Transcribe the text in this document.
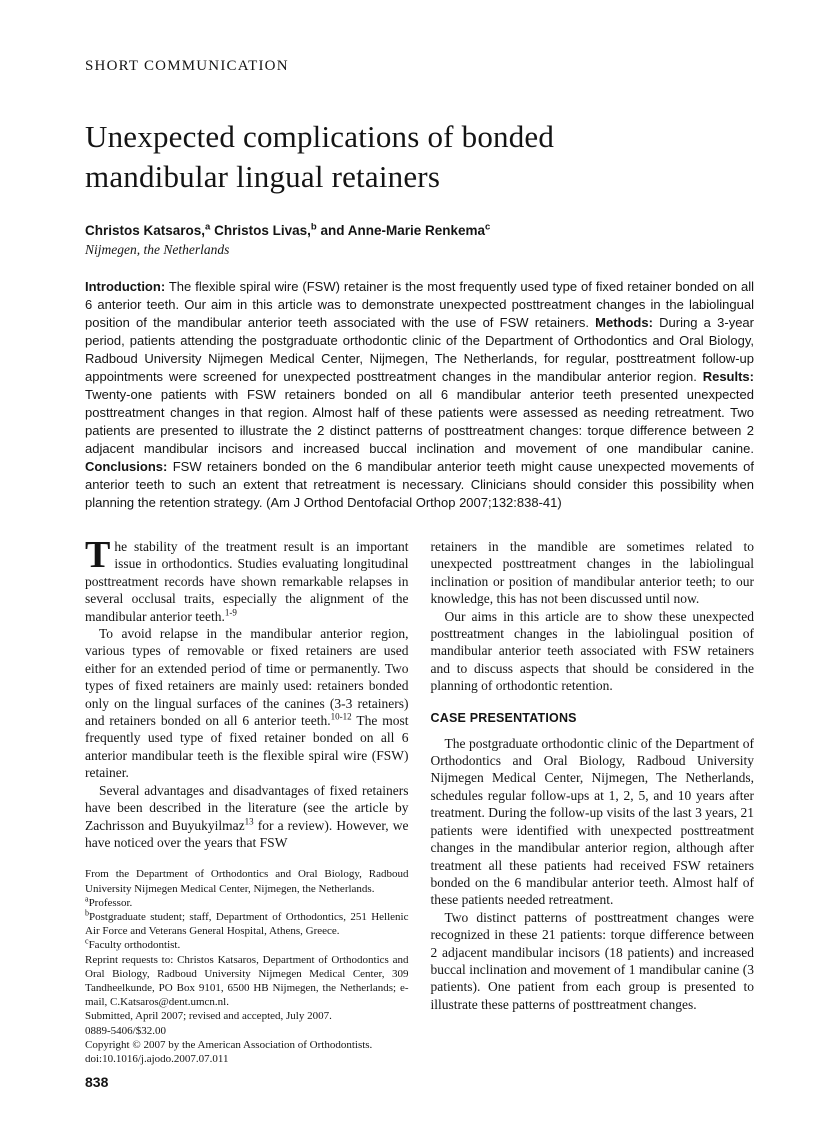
SHORT COMMUNICATION
Unexpected complications of bonded
mandibular lingual retainers
Christos Katsaros,$^a$ Christos Livas,$^b$ and Anne-Marie Renkema$^c$
Nijmegen, the Netherlands

Introduction: The flexible spiral wire (FSW) retainer is the most frequently used type of fixed retainer bonded on all 6 anterior teeth. Our aim in this article was to demonstrate unexpected posttreatment changes in the labiolingual position of the mandibular anterior teeth associated with the use of FSW retainers. Methods: During a 3-year period, patients attending the postgraduate orthodontic clinic of the Department of Orthodontics and Oral Biology, Radboud University Nijmegen Medical Center, Nijmegen, The Netherlands, for regular, posttreatment follow-up appointments were screened for unexpected posttreatment changes in the mandibular anterior region. Results: Twenty-one patients with FSW retainers bonded on all 6 mandibular anterior teeth presented unexpected posttreatment changes in that region. Almost half of these patients were assessed as needing retreatment. Two patients are presented to illustrate the 2 distinct patterns of posttreatment changes: torque difference between 2 adjacent mandibular incisors and increased buccal inclination and movement of one mandibular canine. Conclusions: FSW retainers bonded on the 6 mandibular anterior teeth might cause unexpected movements of anterior teeth to such an extent that retreatment is necessary. Clinicians should consider this possibility when planning the retention strategy. (Am J Orthod Dentofacial Orthop 2007;132:838-41)

The stability of the treatment result is an important issue in orthodontics. Studies evaluating longitudinal posttreatment records have shown remarkable relapses in several occlusal traits, especially the alignment of the mandibular anterior teeth.$^{1-9}$

To avoid relapse in the mandibular anterior region, various types of removable or fixed retainers are used either for an extended period of time or permanently. Two types of fixed retainers are mainly used: retainers bonded only on the lingual surfaces of the canines (3-3 retainers) and retainers bonded on all 6 anterior teeth.$^{10-12}$ The most frequently used type of fixed retainer bonded on all 6 anterior mandibular teeth is the flexible spiral wire (FSW) retainer.

Several advantages and disadvantages of fixed retainers have been described in the literature (see the article by Zachrisson and Buyukyilmaz$^{13}$ for a review). However, we have noticed over the years that FSW

From the Department of Orthodontics and Oral Biology, Radboud University Nijmegen Medical Center, Nijmegen, the Netherlands.

$^a$Professor.

$^b$Postgraduate student; staff, Department of Orthodontics, 251 Hellenic Air Force and Veterans General Hospital, Athens, Greece.

$^c$Faculty orthodontist.

Reprint requests to: Christos Katsaros, Department of Orthodontics and Oral Biology, Radboud University Nijmegen Medical Center, 309 Tandheelkunde, PO Box 9101, 6500 HB Nijmegen, the Netherlands; e-mail, C.Katsaros@dent.umcn.nl.

Submitted, April 2007; revised and accepted, July 2007.

0889-5406/$32.00

Copyright © 2007 by the American Association of Orthodontists.

doi:10.1016/j.ajodo.2007.07.011

retainers in the mandible are sometimes related to unexpected posttreatment changes in the labiolingual inclination or position of mandibular anterior teeth; to our knowledge, this has not been discussed until now.

Our aims in this article are to show these unexpected posttreatment changes in the labiolingual position of mandibular anterior teeth associated with FSW retainers and to discuss aspects that should be considered in the planning of orthodontic retention.

CASE PRESENTATIONS

The postgraduate orthodontic clinic of the Department of Orthodontics and Oral Biology, Radboud University Nijmegen Medical Center, Nijmegen, The Netherlands, schedules regular follow-ups at 1, 2, 5, and 10 years after treatment. During the follow-up visits of the last 3 years, 21 patients were identified with unexpected posttreatment changes in the mandibular anterior region, although after treatment all these patients had received FSW retainers bonded on the 6 mandibular anterior teeth. Almost half of these patients needed retreatment.

Two distinct patterns of posttreatment changes were recognized in these 21 patients: torque difference between 2 adjacent mandibular incisors (18 patients) and increased buccal inclination and movement of 1 mandibular canine (3 patients). One patient from each group is presented to illustrate these patterns of posttreatment changes.

838
